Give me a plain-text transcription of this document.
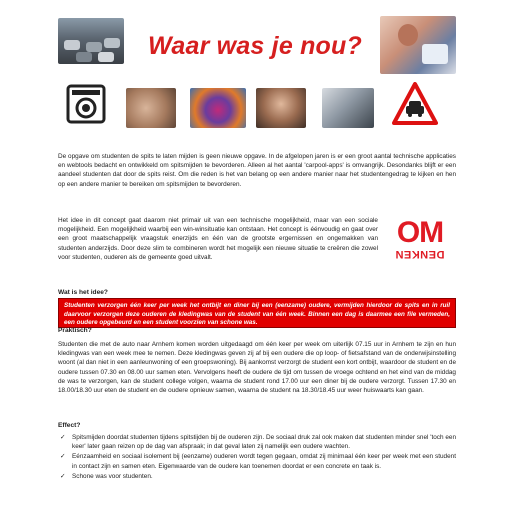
Waar was je nou?
De opgave om studenten de spits te laten mijden is geen nieuwe opgave. In de afgelopen jaren is er een groot aantal technische applicaties en webtools bedacht en ontwikkeld om spitsmijden te bevorderen. Alleen al het aantal 'carpool-apps' is omvangrijk. Desondanks blijft er een aandeel studenten dat door de spits reist. Om die reden is het van belang op een andere manier naar het studentengedrag te kijken en hen op een andere manier te bereiken om spitsmijden te bevorderen.
Het idee in dit concept gaat daarom niet primair uit van een technische mogelijkheid, maar van een sociale mogelijkheid. Een mogelijkheid waarbij een win-winsituatie kan ontstaan. Het concept is éénvoudig en gaat over een groot maatschappelijk vraagstuk enerzijds en één van de grootste ergernissen en ongemakken van studenten anderzijds. Door deze slim te combineren wordt het mogelijk een nieuwe situatie te creëren die zowel voor studenten, ouderen als de gemeente goed uitvalt.
OM
DENKEN
Wat is het idee?
Studenten verzorgen één keer per week het ontbijt en diner bij een (eenzame) oudere, vermijden hierdoor de spits en in ruil daarvoor verzorgen deze ouderen de kledingwas van de student van één week. Binnen een dag is daarmee een file vermeden, een oudere opgebeurd en een student voorzien van schone was.
Praktisch?
Studenten die met de auto naar Arnhem komen worden uitgedaagd om één keer per week om uiterlijk 07.15 uur in Arnhem te zijn en hun kledingwas van een week mee te nemen. Deze kledingwas geven zij af bij een oudere die op loop- of fietsafstand van de onderwijsinstelling woont (al dan niet in een aanleunwoning of een groepswoning). Bij aankomst verzorgt de student een kort ontbijt, waardoor de student en de oudere tussen 07.30 en 08.00 uur samen eten. Vervolgens heeft de oudere de tijd om tussen de vroege ochtend en het eind van de middag de was te verzorgen, kan de student college volgen, waarna de student rond 17.00 uur een diner bij de oudere verzorgt. Tussen 17.30 en 18.00/18.30 uur eten de student en de oudere opnieuw samen, waarna de student na 18.30/18.45 uur weer huiswaarts kan gaan.
Effect?
✓ Spitsmijden doordat studenten tijdens spitstijden bij de ouderen zijn. De sociaal druk zal ook maken dat studenten minder snel 'toch een keer' later gaan reizen op de dag van afspraak; in dat geval laten zij namelijk een oudere wachten.
✓ Eénzaamheid en sociaal isolement bij (eenzame) ouderen wordt tegen gegaan, omdat zij minimaal één keer per week met een student in contact zijn en samen eten. Eigenwaarde van de oudere kan toenemen doordat er een concrete en taak is.
✓ Schone was voor studenten.
